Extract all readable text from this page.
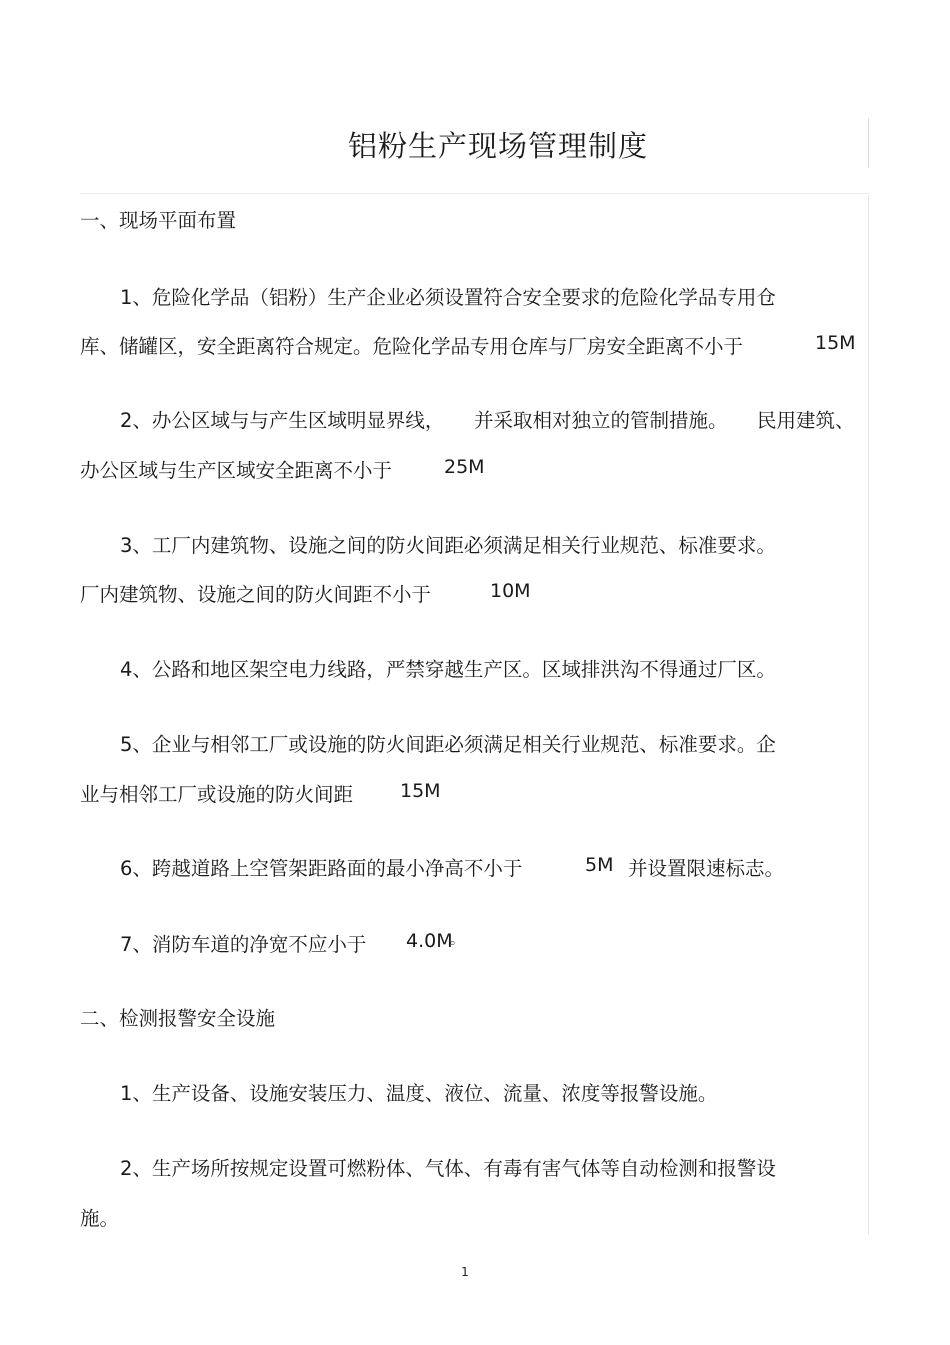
铝粉生产现场管理制度
一、现场平面布置
1、危险化学品（铝粉）生产企业必须设置符合安全要求的危险化学品专用仓
库、储罐区，安全距离符合规定。危险化学品专用仓库与厂房安全距离不小于	15M
2、办公区域与与产生区域明显界线， 并采取相对独立的管制措施。 民用建筑、
办公区域与生产区域安全距离不小于	25M
3、工厂内建筑物、设施之间的防火间距必须满足相关行业规范、标准要求。
厂内建筑物、设施之间的防火间距不小于	10M
4、公路和地区架空电力线路，严禁穿越生产区。区域排洪沟不得通过厂区。
5、企业与相邻工厂或设施的防火间距必须满足相关行业规范、标准要求。企
业与相邻工厂或设施的防火间距 15M
6、跨越道路上空管架距路面的最小净高不小于	5M 并设置限速标志。
7、消防车道的净宽不应小于 4.0M
。
二、检测报警安全设施
1、生产设备、设施安装压力、温度、液位、流量、浓度等报警设施。
2、生产场所按规定设置可燃粉体、气体、有毒有害气体等自动检测和报警设
施。
1
